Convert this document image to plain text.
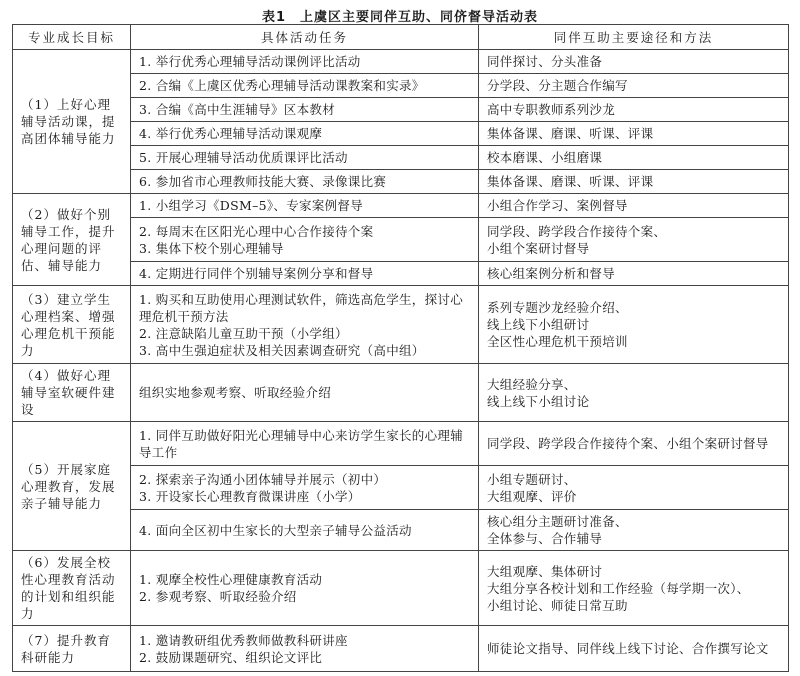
表1　上虞区主要同伴互助、同侪督导活动表
专业成长目标	具体活动任务	同伴互助主要途径和方法
（1）上好心理辅导活动课，提高团体辅导能力	1. 举行优秀心理辅导活动课例评比活动	同伴探讨、分头准备

	2. 合编《上虞区优秀心理辅导活动课教案和实录》	分学段、分主题合作编写

	3. 合编《高中生涯辅导》区本教材	高中专职教师系列沙龙

	4. 举行优秀心理辅导活动课观摩	集体备课、磨课、听课、评课

	5. 开展心理辅导活动优质课评比活动	校本磨课、小组磨课

	6. 参加省市心理教师技能大赛、录像课比赛	集体备课、磨课、听课、评课

（2）做好个别辅导工作，提升心理问题的评估、辅导能力	1. 小组学习《DSM–5》、专家案例督导	小组合作学习、案例督导

	2. 每周末在区阳光心理中心合作接待个案
3. 集体下校个别心理辅导	同学段、跨学段合作接待个案、
小组个案研讨督导

	4. 定期进行同伴个别辅导案例分享和督导	核心组案例分析和督导

（3）建立学生心理档案、增强心理危机干预能力	1. 购买和互助使用心理测试软件，筛选高危学生，探讨心理危机干预方法
2. 注意缺陷儿童互助干预（小学组）
3. 高中生强迫症状及相关因素调查研究（高中组）	系列专题沙龙经验介绍、
线上线下小组研讨
全区性心理危机干预培训

（4）做好心理辅导室软硬件建设	组织实地参观考察、听取经验介绍	大组经验分享、
线上线下小组讨论

（5）开展家庭心理教育，发展亲子辅导能力	1. 同伴互助做好阳光心理辅导中心来访学生家长的心理辅导工作	同学段、跨学段合作接待个案、小组个案研讨督导

	2. 探索亲子沟通小团体辅导并展示（初中）
3. 开设家长心理教育微课讲座（小学）	小组专题研讨、
大组观摩、评价

	4. 面向全区初中生家长的大型亲子辅导公益活动	核心组分主题研讨准备、
全体参与、合作辅导

（6）发展全校性心理教育活动的计划和组织能力	1. 观摩全校性心理健康教育活动
2. 参观考察、听取经验介绍	大组观摩、集体研讨
大组分享各校计划和工作经验（每学期一次）、
小组讨论、师徒日常互助

（7）提升教育科研能力	1. 邀请教研组优秀教师做教科研讲座
2. 鼓励课题研究、组织论文评比	师徒论文指导、同伴线上线下讨论、合作撰写论文
